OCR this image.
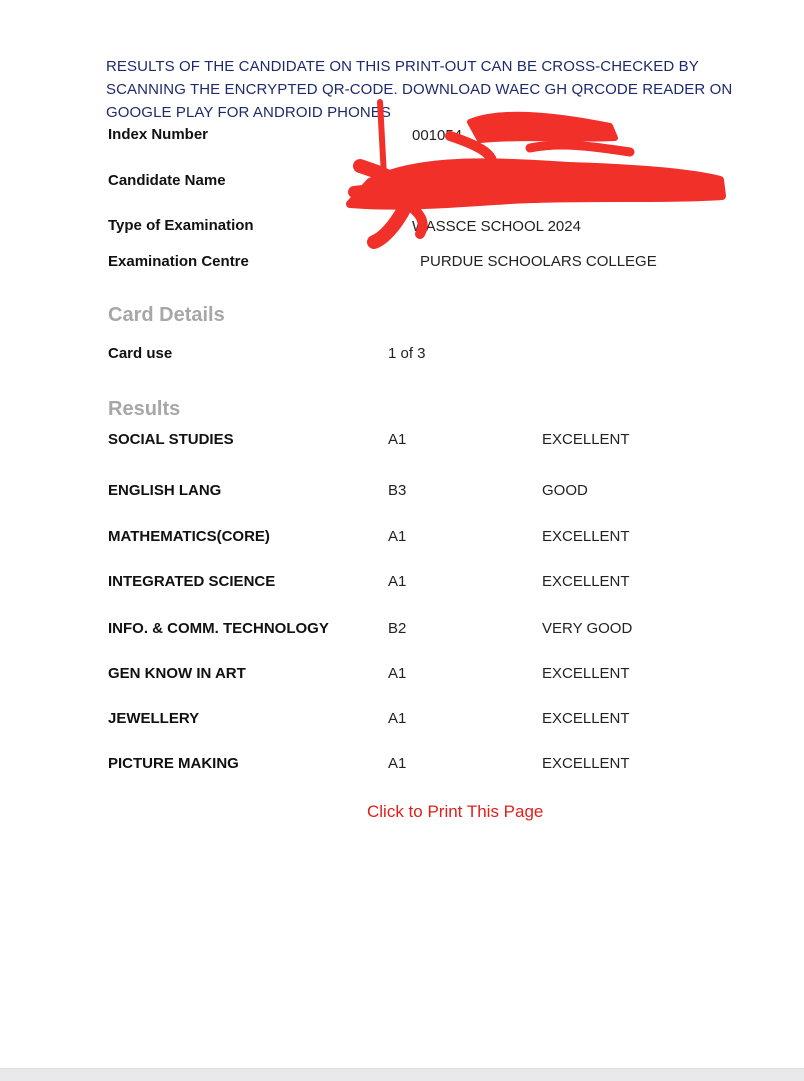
RESULTS OF THE CANDIDATE ON THIS PRINT-OUT CAN BE CROSS-CHECKED BY
SCANNING THE ENCRYPTED QR-CODE. DOWNLOAD WAEC GH QRCODE READER ON
GOOGLE PLAY FOR ANDROID PHONES
Index Number	001054
Candidate Name
Type of Examination	WASSCE SCHOOL 2024
Examination Centre	PURDUE SCHOOLARS COLLEGE
Card Details
Card use	1 of 3
Results
SOCIAL STUDIES	A1	EXCELLENT
ENGLISH LANG	B3	GOOD
MATHEMATICS(CORE)	A1	EXCELLENT
INTEGRATED SCIENCE	A1	EXCELLENT
INFO. & COMM. TECHNOLOGY	B2	VERY GOOD
GEN KNOW IN ART	A1	EXCELLENT
JEWELLERY	A1	EXCELLENT
PICTURE MAKING	A1	EXCELLENT
Click to Print This Page
